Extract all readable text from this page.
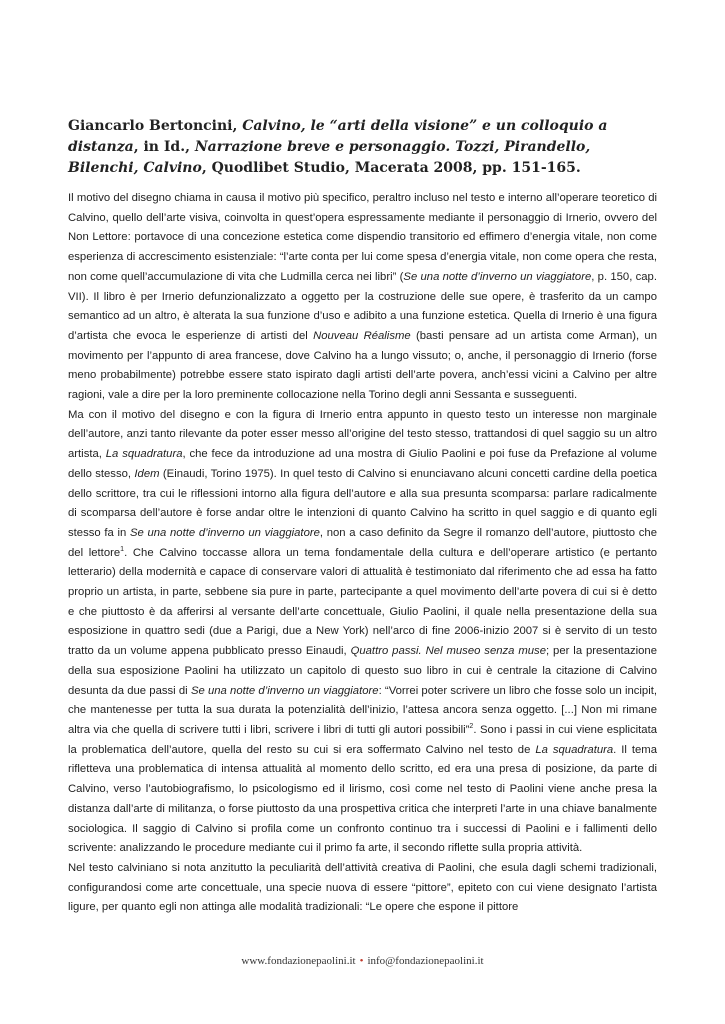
Giancarlo Bertoncini, Calvino, le “arti della visione” e un colloquio a distanza, in Id., Narrazione breve e personaggio. Tozzi, Pirandello, Bilenchi, Calvino, Quodlibet Studio, Macerata 2008, pp. 151-165.

Il motivo del disegno chiama in causa il motivo più specifico, peraltro incluso nel testo e interno all’operare teoretico di Calvino, quello dell’arte visiva, coinvolta in quest’opera espressamente mediante il personaggio di Irnerio, ovvero del Non Lettore: portavoce di una concezione estetica come dispendio transitorio ed effimero d’energia vitale, non come esperienza di accrescimento esistenziale: “l’arte conta per lui come spesa d’energia vitale, non come opera che resta, non come quell’accumulazione di vita che Ludmilla cerca nei libri” (Se una notte d’inverno un viaggiatore, p. 150, cap. VII). Il libro è per Irnerio defunzionalizzato a oggetto per la costruzione delle sue opere, è trasferito da un campo semantico ad un altro, è alterata la sua funzione d’uso e adibito a una funzione estetica. Quella di Irnerio è una figura d’artista che evoca le esperienze di artisti del Nouveau Réalisme (basti pensare ad un artista come Arman), un movimento per l’appunto di area francese, dove Calvino ha a lungo vissuto; o, anche, il personaggio di Irnerio (forse meno probabilmente) potrebbe essere stato ispirato dagli artisti dell’arte povera, anch’essi vicini a Calvino per altre ragioni, vale a dire per la loro preminente collocazione nella Torino degli anni Sessanta e susseguenti.

Ma con il motivo del disegno e con la figura di Irnerio entra appunto in questo testo un interesse non marginale dell’autore, anzi tanto rilevante da poter esser messo all’origine del testo stesso, trattandosi di quel saggio su un altro artista, La squadratura, che fece da introduzione ad una mostra di Giulio Paolini e poi fuse da Prefazione al volume dello stesso, Idem (Einaudi, Torino 1975). In quel testo di Calvino si enunciavano alcuni concetti cardine della poetica dello scrittore, tra cui le riflessioni intorno alla figura dell’autore e alla sua presunta scomparsa: parlare radicalmente di scomparsa dell’autore è forse andar oltre le intenzioni di quanto Calvino ha scritto in quel saggio e di quanto egli stesso fa in Se una notte d’inverno un viaggiatore, non a caso definito da Segre il romanzo dell’autore, piuttosto che del lettore$^1$. Che Calvino toccasse allora un tema fondamentale della cultura e dell’operare artistico (e pertanto letterario) della modernità e capace di conservare valori di attualità è testimoniato dal riferimento che ad essa ha fatto proprio un artista, in parte, sebbene sia pure in parte, partecipante a quel movimento dell’arte povera di cui si è detto e che piuttosto è da afferirsi al versante dell’arte concettuale, Giulio Paolini, il quale nella presentazione della sua esposizione in quattro sedi (due a Parigi, due a New York) nell’arco di fine 2006-inizio 2007 si è servito di un testo tratto da un volume appena pubblicato presso Einaudi, Quattro passi. Nel museo senza muse; per la presentazione della sua esposizione Paolini ha utilizzato un capitolo di questo suo libro in cui è centrale la citazione di Calvino desunta da due passi di Se una notte d’inverno un viaggiatore: “Vorrei poter scrivere un libro che fosse solo un incipit, che mantenesse per tutta la sua durata la potenzialità dell’inizio, l’attesa ancora senza oggetto. [...] Non mi rimane altra via che quella di scrivere tutti i libri, scrivere i libri di tutti gli autori possibili”$^2$. Sono i passi in cui viene esplicitata la problematica dell’autore, quella del resto su cui si era soffermato Calvino nel testo de La squadratura. Il tema rifletteva una problematica di intensa attualità al momento dello scritto, ed era una presa di posizione, da parte di Calvino, verso l’autobiografismo, lo psicologismo ed il lirismo, così come nel testo di Paolini viene anche presa la distanza dall’arte di militanza, o forse piuttosto da una prospettiva critica che interpreti l’arte in una chiave banalmente sociologica. Il saggio di Calvino si profila come un confronto continuo tra i successi di Paolini e i fallimenti dello scrivente: analizzando le procedure mediante cui il primo fa arte, il secondo riflette sulla propria attività.

Nel testo calviniano si nota anzitutto la peculiarità dell’attività creativa di Paolini, che esula dagli schemi tradizionali, configurandosi come arte concettuale, una specie nuova di essere “pittore”, epiteto con cui viene designato l’artista ligure, per quanto egli non attinga alle modalità tradizionali: “Le opere che espone il pittore

www.fondazionepaolini.it • info@fondazionepaolini.it
